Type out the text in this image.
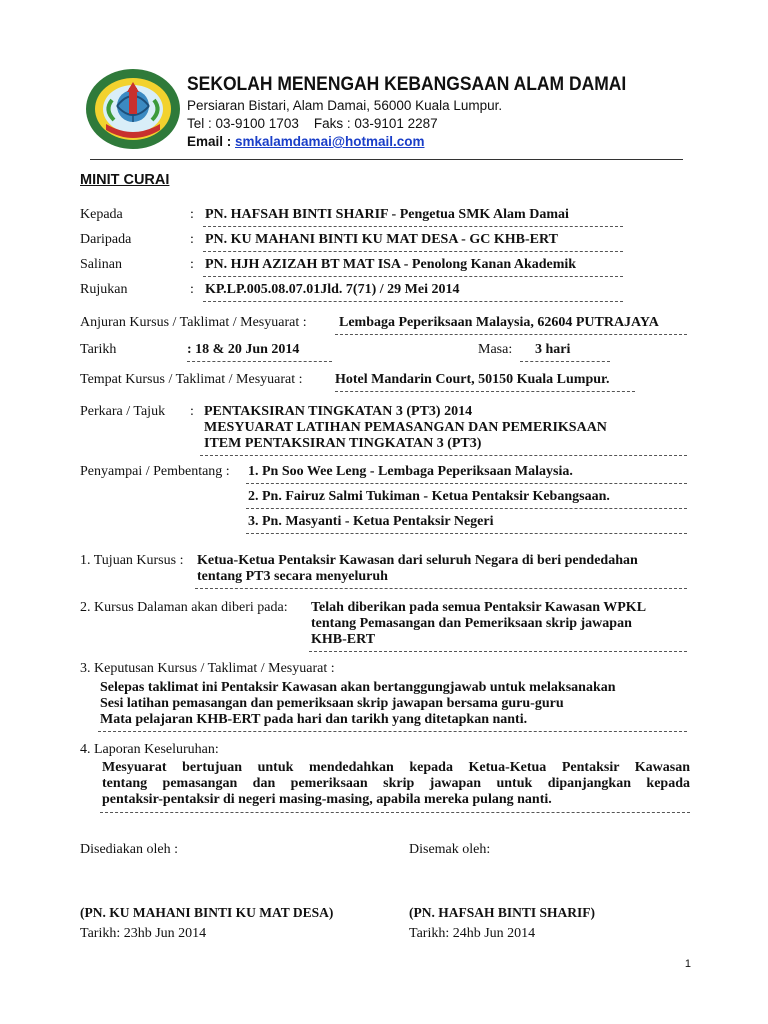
SEKOLAH MENENGAH KEBANGSAAN ALAM DAMAI
Persiaran Bistari, Alam Damai, 56000 Kuala Lumpur.
Tel : 03-9100 1703    Faks : 03-9101 2287
Email : smkalamdamai@hotmail.com
MINIT CURAI
Kepada	: PN. HAFSAH BINTI SHARIF - Pengetua SMK Alam Damai
Daripada	: PN. KU MAHANI BINTI KU MAT DESA - GC KHB-ERT
Salinan	: PN. HJH AZIZAH BT MAT ISA - Penolong Kanan Akademik
Rujukan	: KP.LP.005.08.07.01Jld. 7(71) / 29 Mei 2014
Anjuran Kursus / Taklimat / Mesyuarat : Lembaga Peperiksaan Malaysia, 62604 PUTRAJAYA
Tarikh	: 18 & 20 Jun 2014	Masa: 3 hari
Tempat Kursus / Taklimat / Mesyuarat : Hotel Mandarin Court, 50150 Kuala Lumpur.
Perkara / Tajuk : PENTAKSIRAN TINGKATAN 3 (PT3) 2014
MESYUARAT LATIHAN PEMASANGAN DAN PEMERIKSAAN
ITEM PENTAKSIRAN TINGKATAN 3 (PT3)
Penyampai / Pembentang : 1. Pn Soo Wee Leng - Lembaga Peperiksaan Malaysia.
2. Pn. Fairuz Salmi Tukiman - Ketua Pentaksir Kebangsaan.
3. Pn. Masyanti - Ketua Pentaksir Negeri
1. Tujuan Kursus : Ketua-Ketua Pentaksir Kawasan dari seluruh Negara di beri pendedahan
tentang PT3 secara menyeluruh
2. Kursus Dalaman akan diberi pada: Telah diberikan pada semua Pentaksir Kawasan WPKL
tentang Pemasangan dan Pemeriksaan skrip jawapan
KHB-ERT
3. Keputusan Kursus / Taklimat / Mesyuarat :
Selepas taklimat ini Pentaksir Kawasan akan bertanggungjawab untuk melaksanakan
Sesi latihan pemasangan dan pemeriksaan skrip jawapan bersama guru-guru
Mata pelajaran KHB-ERT pada hari dan tarikh yang ditetapkan nanti.
4. Laporan Keseluruhan:
Mesyuarat bertujuan untuk mendedahkan kepada Ketua-Ketua Pentaksir Kawasan
tentang pemasangan dan pemeriksaan skrip jawapan untuk dipanjangkan kepada
pentaksir-pentaksir di negeri masing-masing, apabila mereka pulang nanti.
Disediakan oleh :	Disemak oleh:
(PN. KU MAHANI BINTI KU MAT DESA)	(PN. HAFSAH BINTI SHARIF)
Tarikh: 23hb Jun 2014	Tarikh: 24hb Jun 2014
1
